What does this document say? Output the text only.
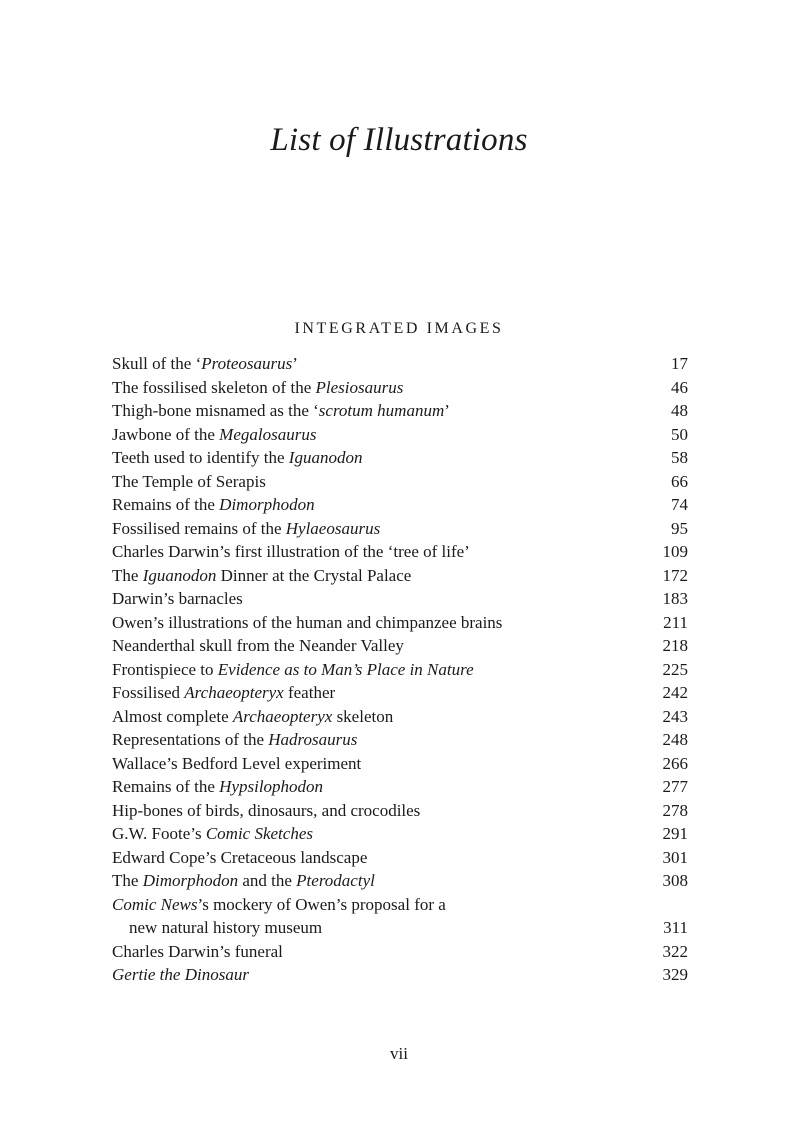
List of Illustrations
INTEGRATED IMAGES
Skull of the ‘Proteosaurus’	17
The fossilised skeleton of the Plesiosaurus	46
Thigh-bone misnamed as the ‘scrotum humanum’	48
Jawbone of the Megalosaurus	50
Teeth used to identify the Iguanodon	58
The Temple of Serapis	66
Remains of the Dimorphodon	74
Fossilised remains of the Hylaeosaurus	95
Charles Darwin’s first illustration of the ‘tree of life’	109
The Iguanodon Dinner at the Crystal Palace	172
Darwin’s barnacles	183
Owen’s illustrations of the human and chimpanzee brains	211
Neanderthal skull from the Neander Valley	218
Frontispiece to Evidence as to Man’s Place in Nature	225
Fossilised Archaeopteryx feather	242
Almost complete Archaeopteryx skeleton	243
Representations of the Hadrosaurus	248
Wallace’s Bedford Level experiment	266
Remains of the Hypsilophodon	277
Hip-bones of birds, dinosaurs, and crocodiles	278
G.W. Foote’s Comic Sketches	291
Edward Cope’s Cretaceous landscape	301
The Dimorphodon and the Pterodactyl	308
Comic News’s mockery of Owen’s proposal for a
new natural history museum	311
Charles Darwin’s funeral	322
Gertie the Dinosaur	329
vii
